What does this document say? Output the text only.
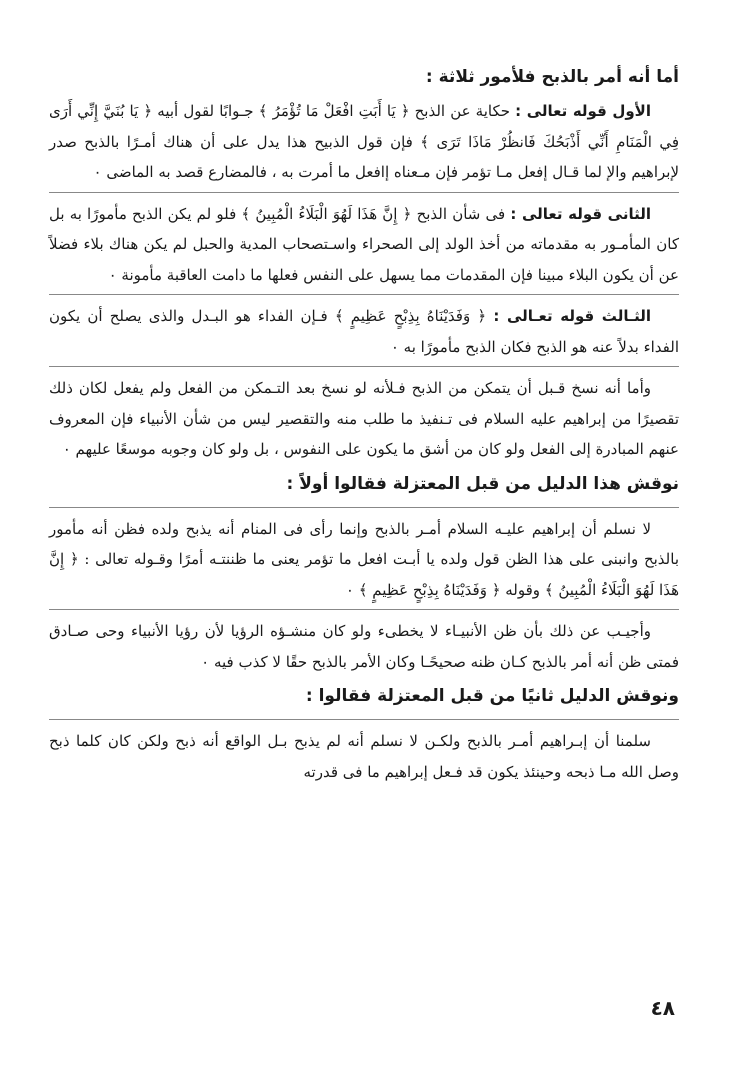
أما أنه أمر بالذبح فلأمور ثلاثة :

الأول قوله تعالى : حكاية عن الذبح ﴿ يَا أَبَتِ افْعَلْ مَا تُؤْمَرُ ﴾ جـوابًا لقول أبيه ﴿ يَا بُنَيَّ إِنِّي أَرَى فِي الْمَنَامِ أَنِّي أَذْبَحُكَ فَانظُرْ مَاذَا تَرَى ﴾ فإن قول الذبيح هذا يدل على أن هناك أمـرًا بالذبح صدر لإبراهيم والإ لما قـال إفعل مـا تؤمر فإن مـعناه إافعل ما أمرت به ، فالمضارع قصد به الماضى ٠

الثانى قوله تعالى : فى شأن الذبح ﴿ إِنَّ هَذَا لَهُوَ الْبَلَاءُ الْمُبِينُ ﴾ فلو لم يكن الذبح مأمورًا به بل كان المأمـور به مقدماته من أخذ الولد إلى الصحراء واسـتصحاب المدية والحبل لم يكن هناك بلاء فضلاً عن أن يكون البلاء مبينا فإن المقدمات مما يسهل على النفس فعلها ما دامت العاقبة مأمونة ٠

الثـالث قوله تعـالى : ﴿ وَفَدَيْنَاهُ بِذِبْحٍ عَظِيمٍ ﴾ فـإن الفداء هو البـدل والذى يصلح أن يكون الفداء بدلاً عنه هو الذبح فكان الذبح مأمورًا به ٠

وأما أنه نسخ قـبل أن يتمكن من الذبح فـلأنه لو نسخ بعد التـمكن من الفعل ولم يفعل لكان ذلك تقصيرًا من إبراهيم عليه السلام فى تـنفيذ ما طلب منه والتقصير ليس من شأن الأنبياء فإن المعروف عنهم المبادرة إلى الفعل ولو كان من أشق ما يكون على النفوس ، بل ولو كان وجوبه موسعًا عليهم ٠

نوقش هذا الدليل من قبل المعتزلة فقالوا أولاً :

لا نسلم أن إبراهيم عليـه السلام أمـر بالذبح وإنما رأى فى المنام أنه يذبح ولده فظن أنه مأمور بالذبح وانبنى على هذا الظن قول ولده يا أبـت افعل ما تؤمر يعنى ما ظننتـه أمرًا وقـوله تعالى : ﴿ إِنَّ هَذَا لَهُوَ الْبَلَاءُ الْمُبِينُ ﴾ وقوله ﴿ وَفَدَيْنَاهُ بِذِبْحٍ عَظِيمٍ ﴾ ٠

وأجيـب عن ذلك بأن ظن الأنبيـاء لا يخطىء ولو كان منشـؤه الرؤيا لأن رؤيا الأنبياء وحى صـادق فمتى ظن أنه أمر بالذبح كـان ظنه صحيحًـا وكان الأمر بالذبح حقًا لا كذب فيه ٠

ونوقش الدليل ثانيًا من قبل المعتزلة فقالوا :

سلمنا أن إبـراهيم أمـر بالذبح ولكـن لا نسلم أنه لم يذبح بـل الواقع أنه ذبح ولكن كان كلما ذبح وصل الله مـا ذبحه وحينئذ يكون قد فـعل إبراهيم ما فى قدرته

٤٨
